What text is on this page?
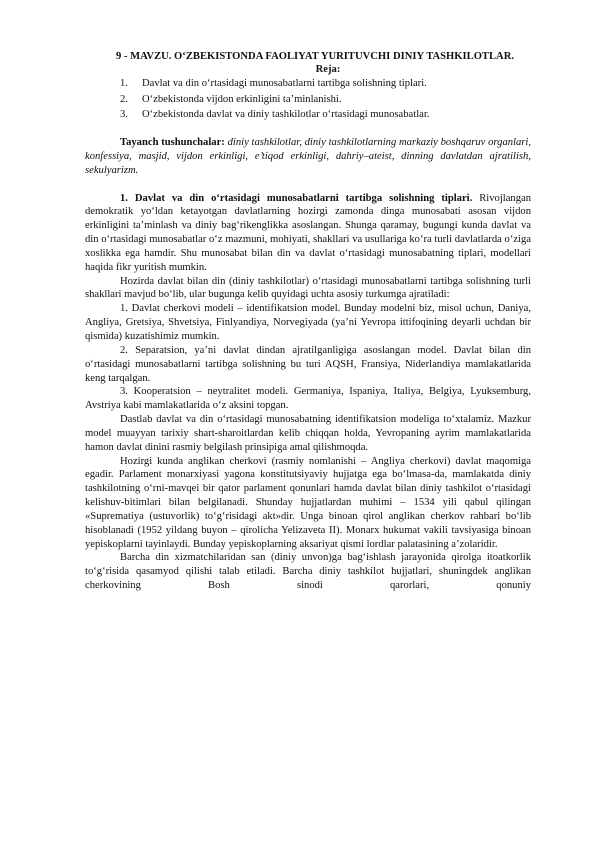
9 - MAVZU. O‘ZBEKISTONDA FAOLIYAT YURITUVCHI DINIY TASHKILOTLAR.
Reja:
1.	Davlat va din o‘rtasidagi munosabatlarni tartibga solishning tiplari.
2.	O‘zbekistonda vijdon erkinligini ta’minlanishi.
3.	O‘zbekistonda davlat va diniy tashkilotlar o‘rtasidagi munosabatlar.

Tayanch tushunchalar: diniy tashkilotlar, diniy tashkilotlarning markaziy boshqaruv organlari, konfessiya, masjid, vijdon erkinligi, e’tiqod erkinligi, dahriy–ateist, dinning davlatdan ajratilish, sekulyarizm.

1. Davlat va din o‘rtasidagi munosabatlarni tartibga solishning tiplari. Rivojlangan demokratik yo‘ldan ketayotgan davlatlarning hozirgi zamonda dinga munosabati asosan vijdon erkinligini ta’minlash va diniy bag‘rikenglikka asoslangan. Shunga qaramay, bugungi kunda davlat va din o‘rtasidagi munosabatlar o‘z mazmuni, mohiyati, shakllari va usullariga ko‘ra turli davlatlarda o‘ziga xoslikka ega hamdir. Shu munosabat bilan din va davlat o‘rtasidagi munosabatning tiplari, modellari haqida fikr yuritish mumkin.

Hozirda davlat bilan din (diniy tashkilotlar) o‘rtasidagi munosabatlarni tartibga solishning turli shakllari mavjud bo‘lib, ular bugunga kelib quyidagi uchta asosiy turkumga ajratiladi:

1. Davlat cherkovi modeli – identifikatsion model. Bunday modelni biz, misol uchun, Daniya, Angliya, Gretsiya, Shvetsiya, Finlyandiya, Norvegiyada (ya’ni Yevropa ittifoqining deyarli uchdan bir qismida) kuzatishimiz mumkin.

2. Separatsion, ya’ni davlat dindan ajratilganligiga asoslangan model. Davlat bilan din o‘rtasidagi munosabatlarni tartibga solishning bu turi AQSH, Fransiya, Niderlandiya mamlakatlarida keng tarqalgan.

3. Kooperatsion – neytralitet modeli. Germaniya, Ispaniya, Italiya, Belgiya, Lyuksemburg, Avstriya kabi mamlakatlarida o‘z aksini topgan.

Dastlab davlat va din o‘rtasidagi munosabatning identifikatsion modeliga to‘xtalamiz. Mazkur model muayyan tarixiy shart-sharoitlardan kelib chiqqan holda, Yevropaning ayrim mamlakatlarida hamon davlat dinini rasmiy belgilash prinsipiga amal qilishmoqda.

Hozirgi kunda anglikan cherkovi (rasmiy nomlanishi – Angliya cherkovi) davlat maqomiga egadir. Parlament monarxiyasi yagona konstitutsiyaviy hujjatga ega bo‘lmasa-da, mamlakatda diniy tashkilotning o‘rni-mavqei bir qator parlament qonunlari hamda davlat bilan diniy tashkilot o‘rtasidagi kelishuv-bitimlari bilan belgilanadi. Shunday hujjatlardan muhimi – 1534 yili qabul qilingan «Suprematiya (ustuvorlik) to‘g‘risidagi akt»dir. Unga binoan qirol anglikan cherkov rahbari bo‘lib hisoblanadi (1952 yildang buyon – qirolicha Yelizaveta II). Monarx hukumat vakili tavsiyasiga binoan yepiskoplarni tayinlaydi. Bunday yepiskoplarning aksariyat qismi lordlar palatasining a’zolaridir.

Barcha din xizmatchilaridan san (diniy unvon)ga bag‘ishlash jarayonida qirolga itoatkorlik to‘g‘risida qasamyod qilishi talab etiladi. Barcha diniy tashkilot hujjatlari, shuningdek anglikan cherkovining Bosh sinodi qarorlari, qonuniy
